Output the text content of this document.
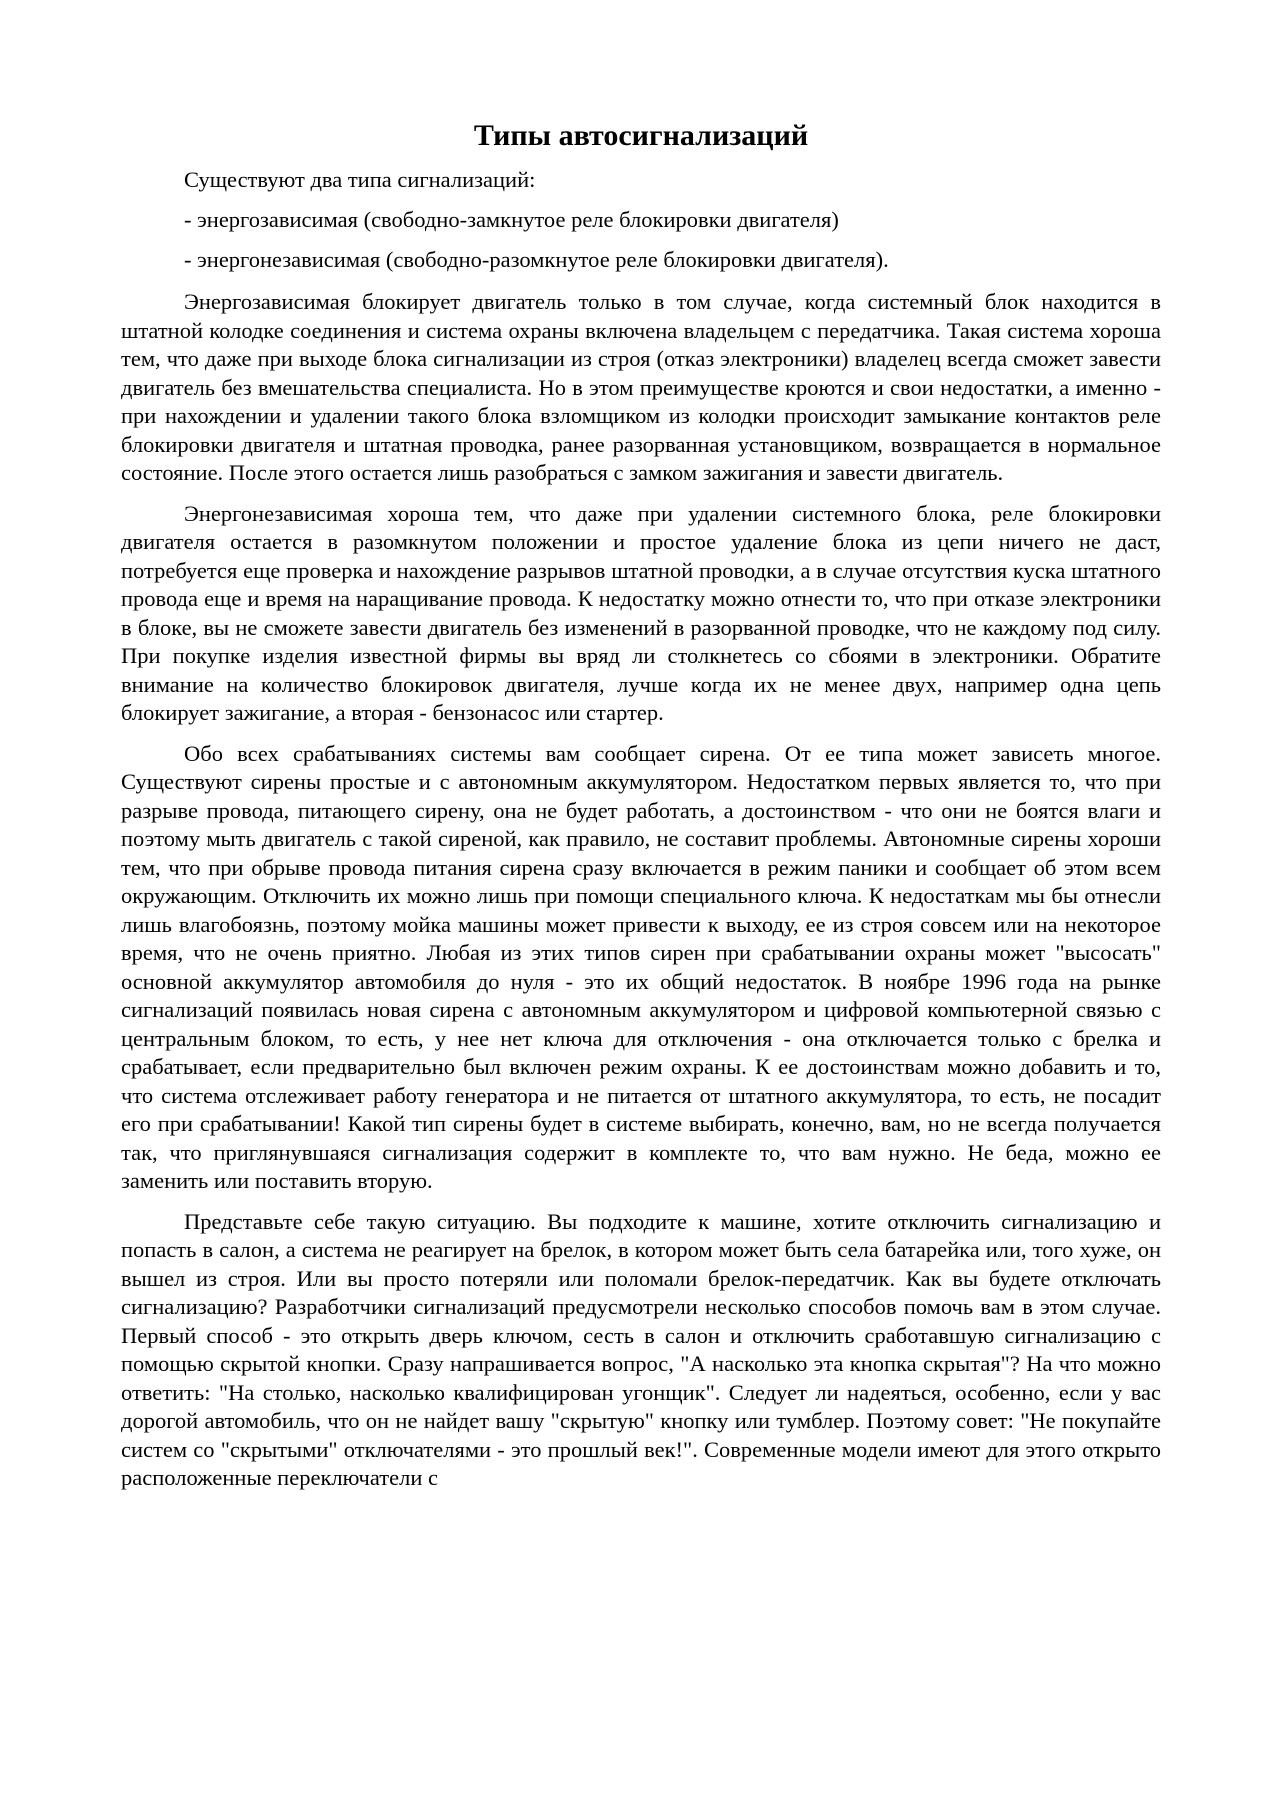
Типы автосигнализаций

Существуют два типа сигнализаций:

- энергозависимая (свободно-замкнутое реле блокировки двигателя)

- энергонезависимая (свободно-разомкнутое реле блокировки двигателя).

Энергозависимая блокирует двигатель только в том случае, когда системный блок находится в штатной колодке соединения и система охраны включена владельцем с передатчика. Такая система хороша тем, что даже при выходе блока сигнализации из строя (отказ электроники) владелец всегда сможет завести двигатель без вмешательства специалиста. Но в этом преимуществе кроются и свои недостатки, а именно - при нахождении и удалении такого блока взломщиком из колодки происходит замыкание контактов реле блокировки двигателя и штатная проводка, ранее разорванная установщиком, возвращается в нормальное состояние. После этого остается лишь разобраться с замком зажигания и завести двигатель.

Энергонезависимая хороша тем, что даже при удалении системного блока, реле блокировки двигателя остается в разомкнутом положении и простое удаление блока из цепи ничего не даст, потребуется еще проверка и нахождение разрывов штатной проводки, а в случае отсутствия куска штатного провода еще и время на наращивание провода. К недостатку можно отнести то, что при отказе электроники в блоке, вы не сможете завести двигатель без изменений в разорванной проводке, что не каждому под силу. При покупке изделия известной фирмы вы вряд ли столкнетесь со сбоями в электроники. Обратите внимание на количество блокировок двигателя, лучше когда их не менее двух, например одна цепь блокирует зажигание, а вторая - бензонасос или стартер.

Обо всех срабатываниях системы вам сообщает сирена. От ее типа может зависеть многое. Существуют сирены простые и с автономным аккумулятором. Недостатком первых является то, что при разрыве провода, питающего сирену, она не будет работать, а достоинством - что они не боятся влаги и поэтому мыть двигатель с такой сиреной, как правило, не составит проблемы. Автономные сирены хороши тем, что при обрыве провода питания сирена сразу включается в режим паники и сообщает об этом всем окружающим. Отключить их можно лишь при помощи специального ключа. К недостаткам мы бы отнесли лишь влагобоязнь, поэтому мойка машины может привести к выходу, ее из строя совсем или на некоторое время, что не очень приятно. Любая из этих типов сирен при срабатывании охраны может "высосать" основной аккумулятор автомобиля до нуля - это их общий недостаток. В ноябре 1996 года на рынке сигнализаций появилась новая сирена с автономным аккумулятором и цифровой компьютерной связью с центральным блоком, то есть, у нее нет ключа для отключения - она отключается только с брелка и срабатывает, если предварительно был включен режим охраны. К ее достоинствам можно добавить и то, что система отслеживает работу генератора и не питается от штатного аккумулятора, то есть, не посадит его при срабатывании! Какой тип сирены будет в системе выбирать, конечно, вам, но не всегда получается так, что приглянувшаяся сигнализация содержит в комплекте то, что вам нужно. Не беда, можно ее заменить или поставить вторую.

Представьте себе такую ситуацию. Вы подходите к машине, хотите отключить сигнализацию и попасть в салон, а система не реагирует на брелок, в котором может быть села батарейка или, того хуже, он вышел из строя. Или вы просто потеряли или поломали брелок-передатчик. Как вы будете отключать сигнализацию? Разработчики сигнализаций предусмотрели несколько способов помочь вам в этом случае. Первый способ - это открыть дверь ключом, сесть в салон и отключить сработавшую сигнализацию с помощью скрытой кнопки. Сразу напрашивается вопрос, "А насколько эта кнопка скрытая"? На что можно ответить: "На столько, насколько квалифицирован угонщик". Следует ли надеяться, особенно, если у вас дорогой автомобиль, что он не найдет вашу "скрытую" кнопку или тумблер. Поэтому совет: "Не покупайте систем со "скрытыми" отключателями - это прошлый век!". Современные модели имеют для этого открыто расположенные переключатели с
